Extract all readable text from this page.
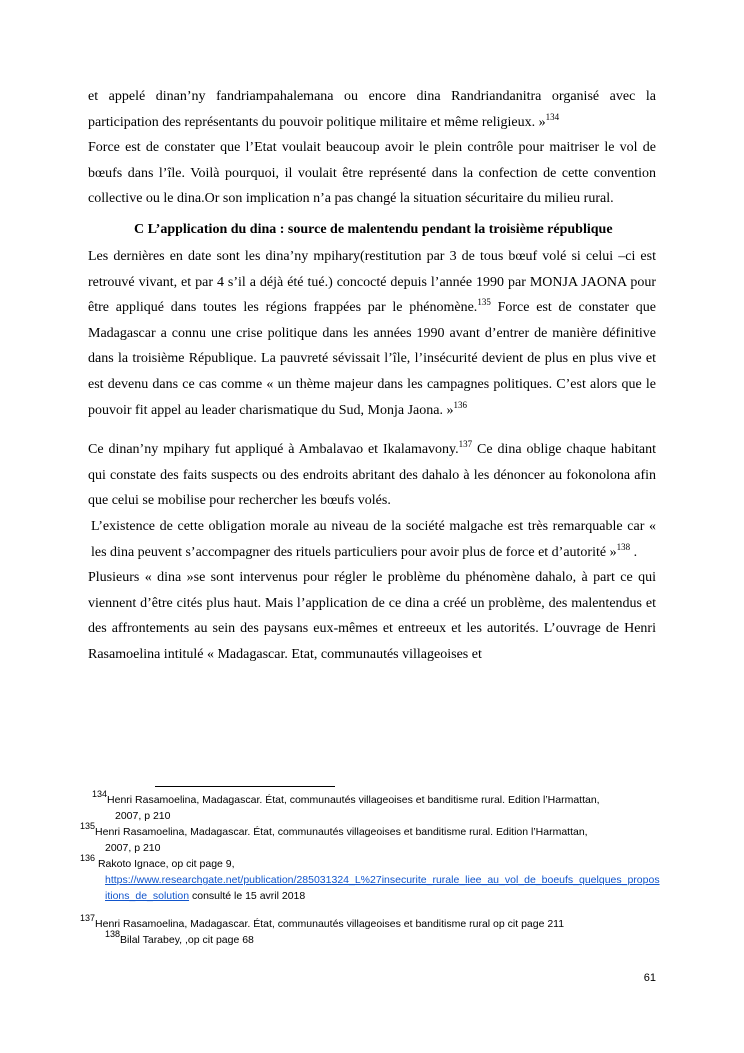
et appelé dinan’ny fandriampahalemana ou encore dina Randriandanitra organisé avec la participation des représentants du pouvoir politique militaire et même religieux. »$^{134}$

Force est de constater que l’Etat voulait beaucoup avoir le plein contrôle pour maitriser le vol de bœufs dans l’île. Voilà pourquoi, il voulait être représenté dans la confection de cette convention collective ou le dina.Or son implication n’a pas changé la situation sécuritaire du milieu rural.

C L’application du dina : source de malentendu pendant la troisième république

Les dernières en date sont les dina’ny mpihary(restitution par 3 de tous bœuf volé si celui –ci est retrouvé vivant, et par 4 s’il a déjà été tué.) concocté depuis l’année 1990 par MONJA JAONA pour être appliqué dans toutes les régions frappées par le phénomène.$^{135}$ Force est de constater que Madagascar a connu une crise politique dans les années 1990 avant d’entrer de manière définitive dans la troisième République. La pauvreté sévissait l’île, l’insécurité devient de plus en plus vive et est devenu dans ce cas comme « un thème majeur dans les campagnes politiques. C’est alors que le pouvoir fit appel au leader charismatique du Sud, Monja Jaona. »$^{136}$

Ce dinan’ny mpihary fut appliqué à Ambalavao et Ikalamavony.$^{137}$ Ce dina oblige chaque habitant qui constate des faits suspects ou des endroits abritant des dahalo à les dénoncer au fokonolona afin que celui se mobilise pour rechercher les bœufs volés.

L’existence de cette obligation morale au niveau de la société malgache est très remarquable car « les dina peuvent s’accompagner des rituels particuliers pour avoir plus de force et d’autorité »$^{138}$ .

Plusieurs « dina »se sont intervenus pour régler le problème du phénomène dahalo, à part ce qui viennent d’être cités plus haut. Mais l’application de ce dina a créé un problème, des malentendus et des affrontements au sein des paysans eux-mêmes et entreeux et les autorités. L’ouvrage de Henri Rasamoelina intitulé « Madagascar. Etat, communautés villageoises et

$^{134}$Henri Rasamoelina, Madagascar. État, communautés villageoises et banditisme rural. Edition l’Harmattan,
2007, p 210

$^{135}$Henri Rasamoelina, Madagascar. État, communautés villageoises et banditisme rural. Edition l’Harmattan,
2007, p 210

$^{136}$ Rakoto Ignace, op cit page 9,
https://www.researchgate.net/publication/285031324_L%27insecurite_rurale_liee_au_vol_de_boeufs_quelques_propositions_de_solution consulté le 15 avril 2018

$^{137}$Henri Rasamoelina, Madagascar. État, communautés villageoises et banditisme rural op cit page 211

$^{138}$Bilal Tarabey, ,op cit page 68

61
